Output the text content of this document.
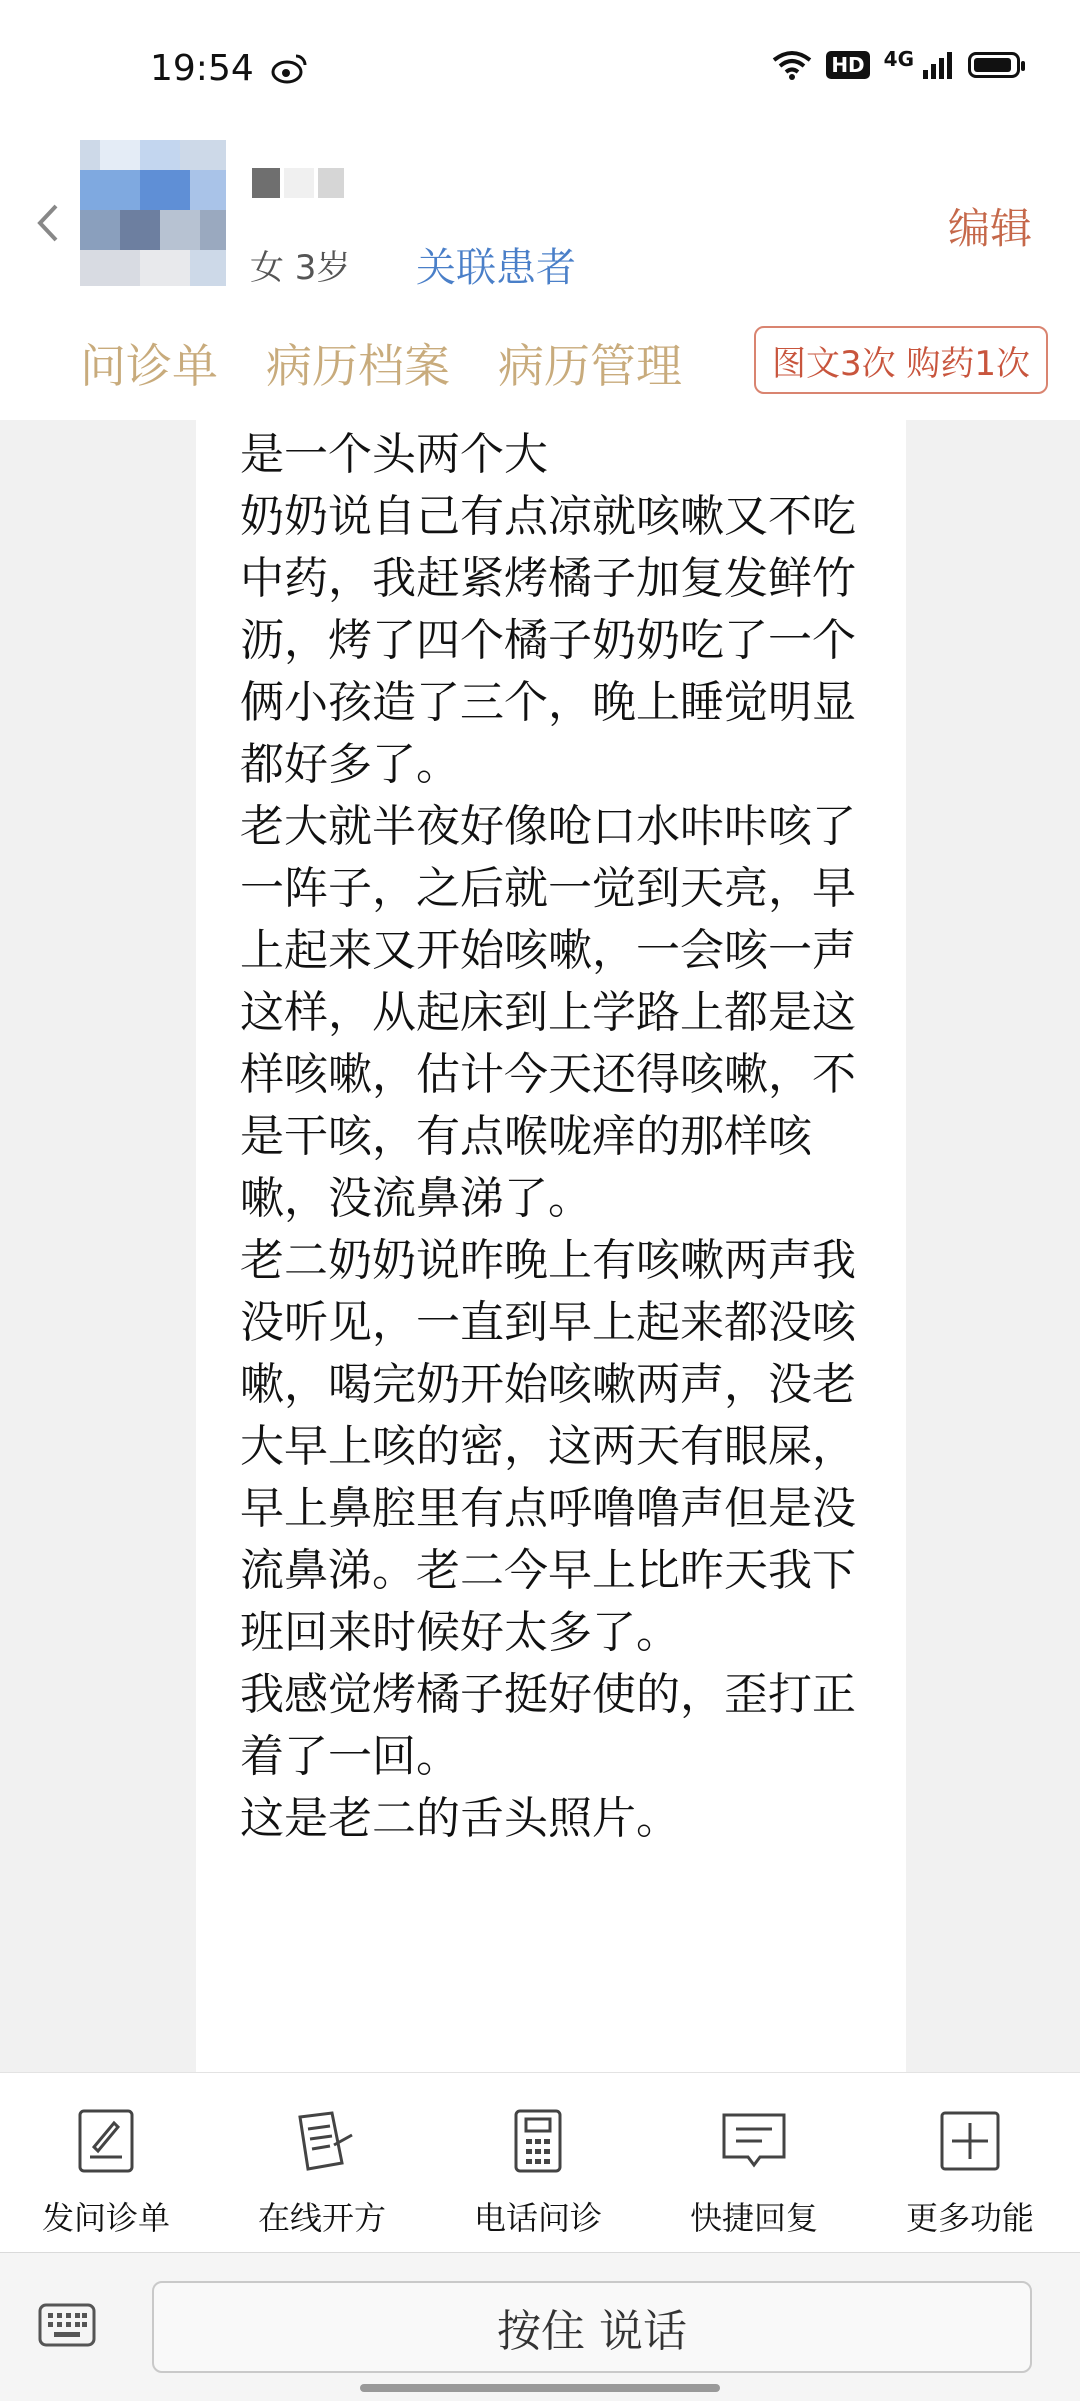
19:54	HD 4G
女 3岁 关联患者
编辑
问诊单 病历档案 病历管理	图文3次 购药1次

是一个头两个大

奶奶说自己有点凉就咳嗽又不吃中药，我赶紧烤橘子加复发鲜竹沥，烤了四个橘子奶奶吃了一个俩小孩造了三个，晚上睡觉明显都好多了。

老大就半夜好像呛口水咔咔咳了一阵子，之后就一觉到天亮，早上起来又开始咳嗽，一会咳一声这样，从起床到上学路上都是这样咳嗽，估计今天还得咳嗽，不是干咳，有点喉咙痒的那样咳嗽，没流鼻涕了。

老二奶奶说昨晚上有咳嗽两声我没听见，一直到早上起来都没咳嗽，喝完奶开始咳嗽两声，没老大早上咳的密，这两天有眼屎，早上鼻腔里有点呼噜噜声但是没流鼻涕。老二今早上比昨天我下班回来时候好太多了。

我感觉烤橘子挺好使的，歪打正着了一回。

这是老二的舌头照片。

发问诊单	在线开方	电话问诊	快捷回复	更多功能
按住 说话
